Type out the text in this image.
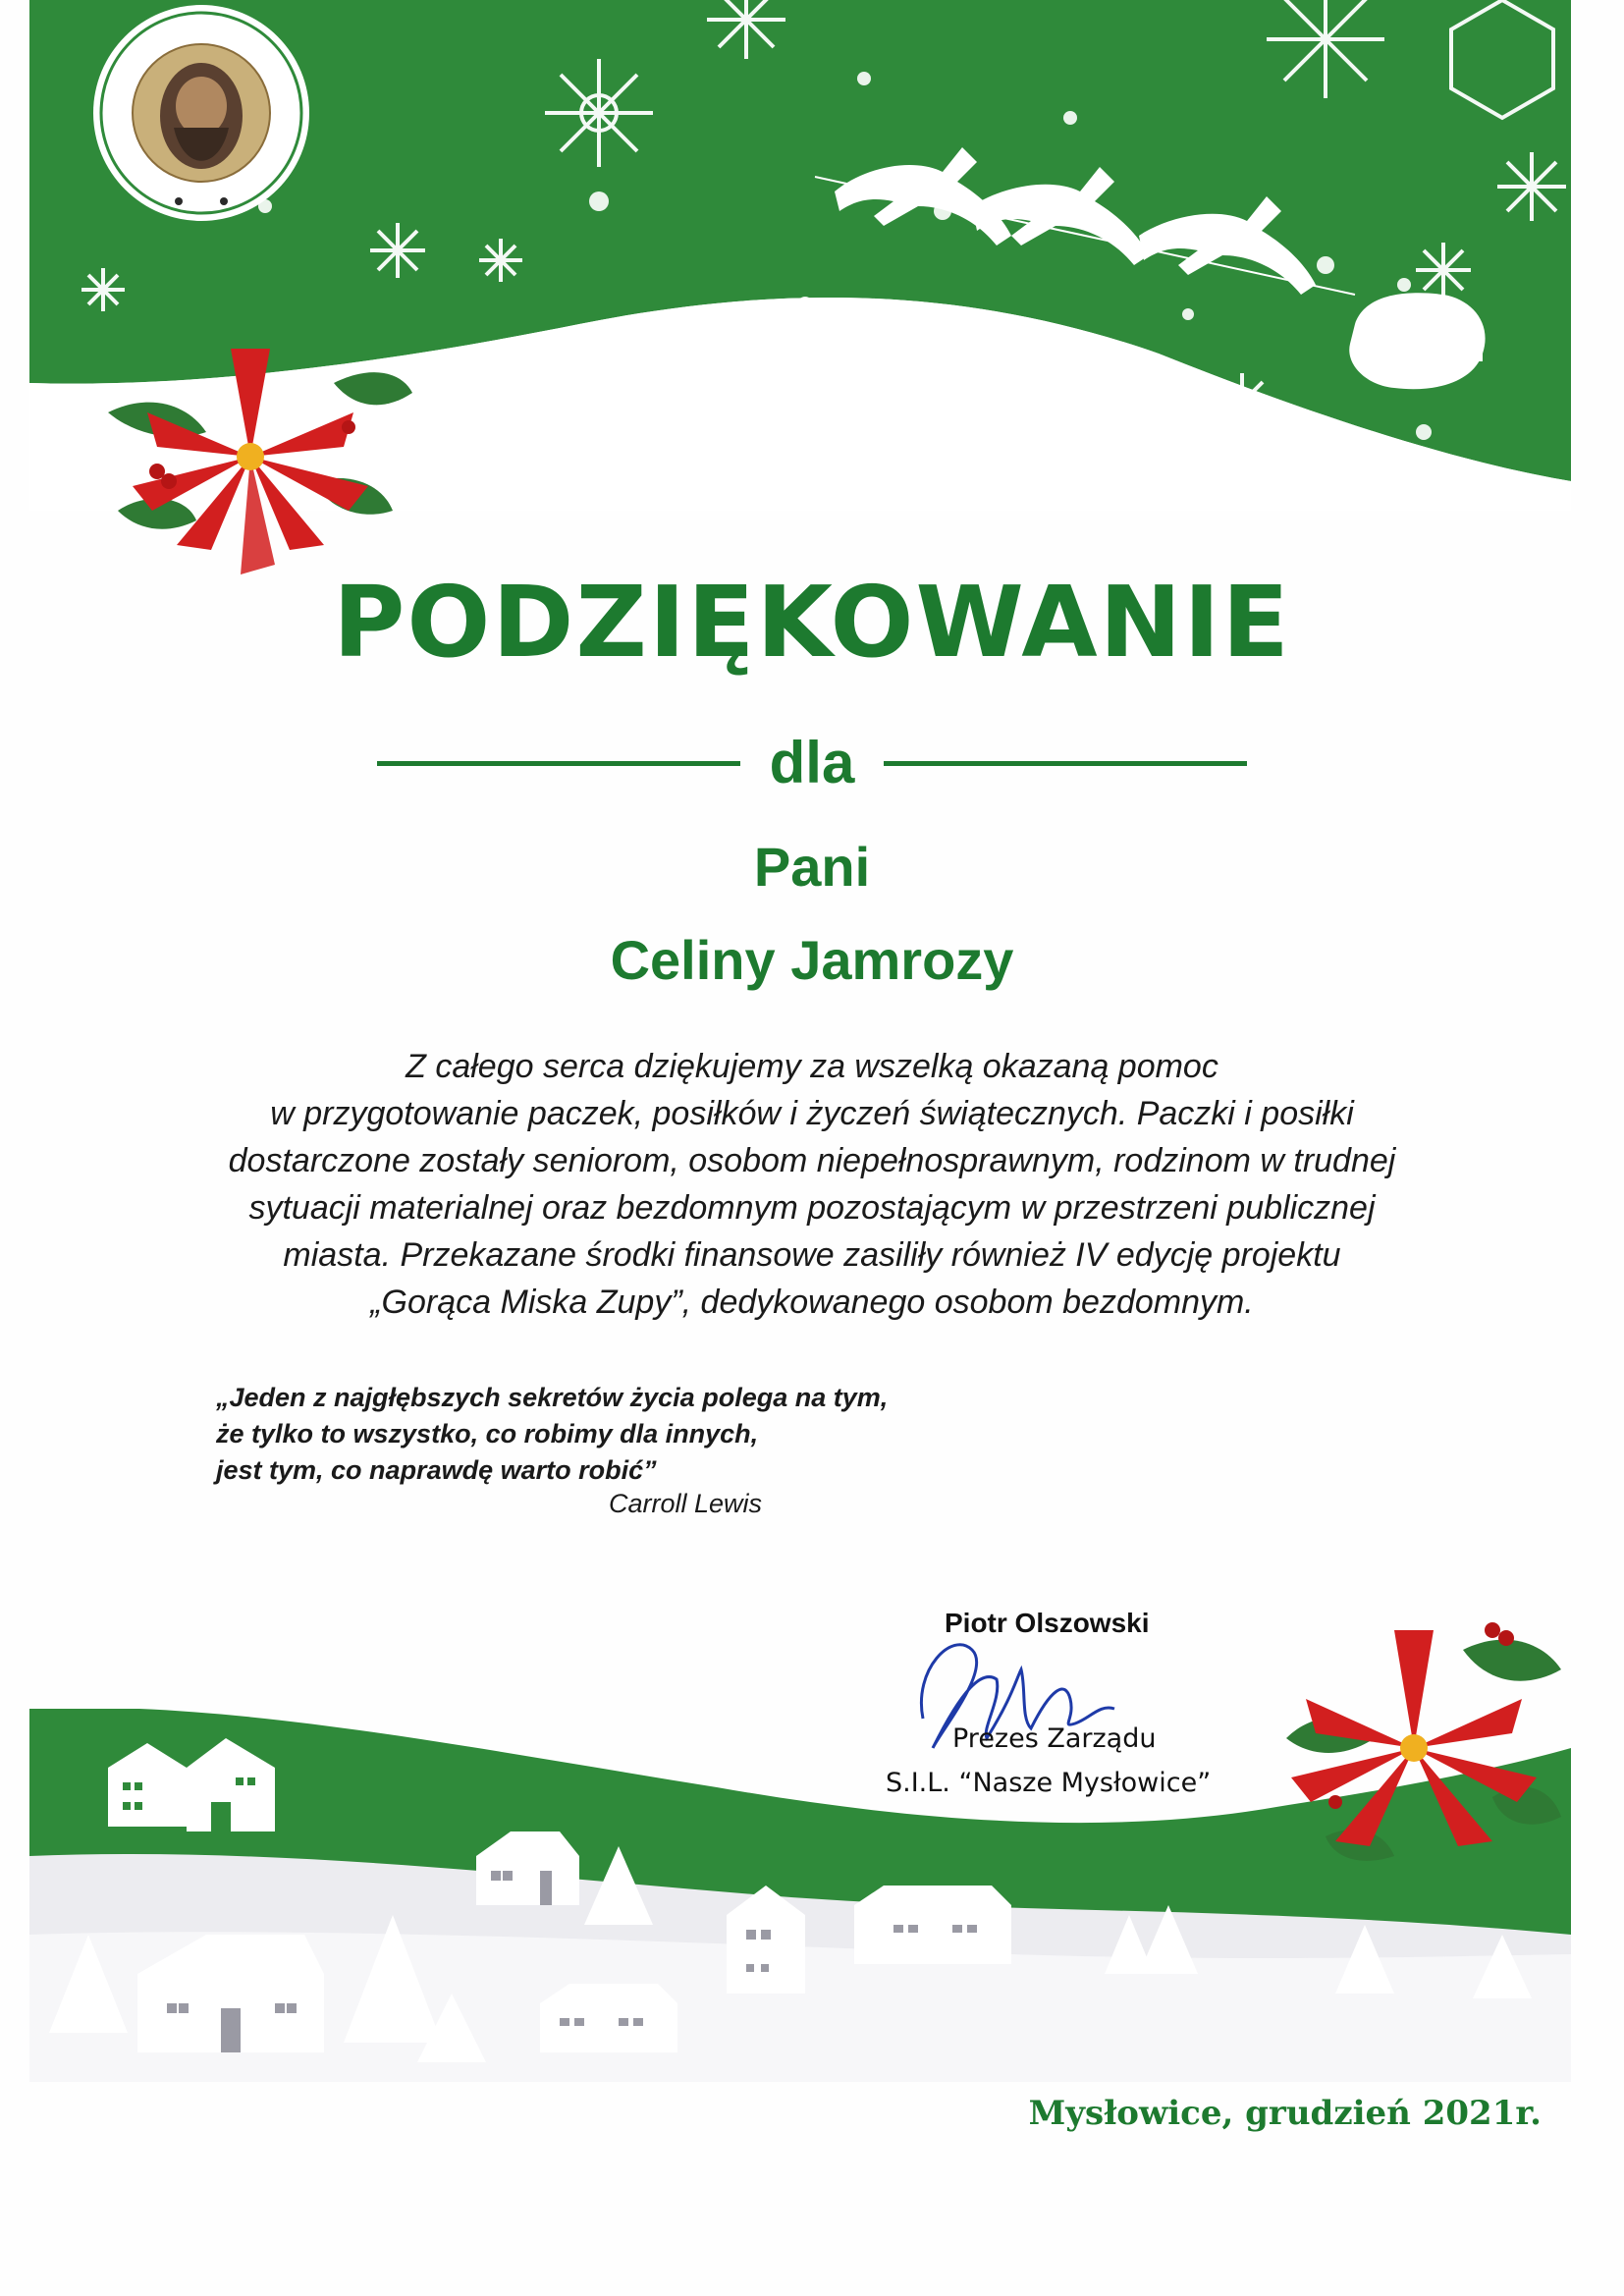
PODZIĘKOWANIE
dla
Pani
Celiny Jamrozy
Z całego serca dziękujemy za wszelką okazaną pomoc
w przygotowanie paczek, posiłków i życzeń świątecznych. Paczki i posiłki
dostarczone zostały seniorom, osobom niepełnosprawnym, rodzinom w trudnej
sytuacji materialnej oraz bezdomnym pozostającym w przestrzeni publicznej
miasta. Przekazane środki finansowe zasiliły również IV edycję projektu
„Gorąca Miska Zupy”, dedykowanego osobom bezdomnym.
„Jeden z najgłębszych sekretów życia polega na tym,
że tylko to wszystko, co robimy dla innych,
jest tym, co naprawdę warto robić”
Carroll Lewis
Piotr Olszowski
Prezes Zarządu
S.I.L. “Nasze Mysłowice”
Mysłowice, grudzień 2021r.
